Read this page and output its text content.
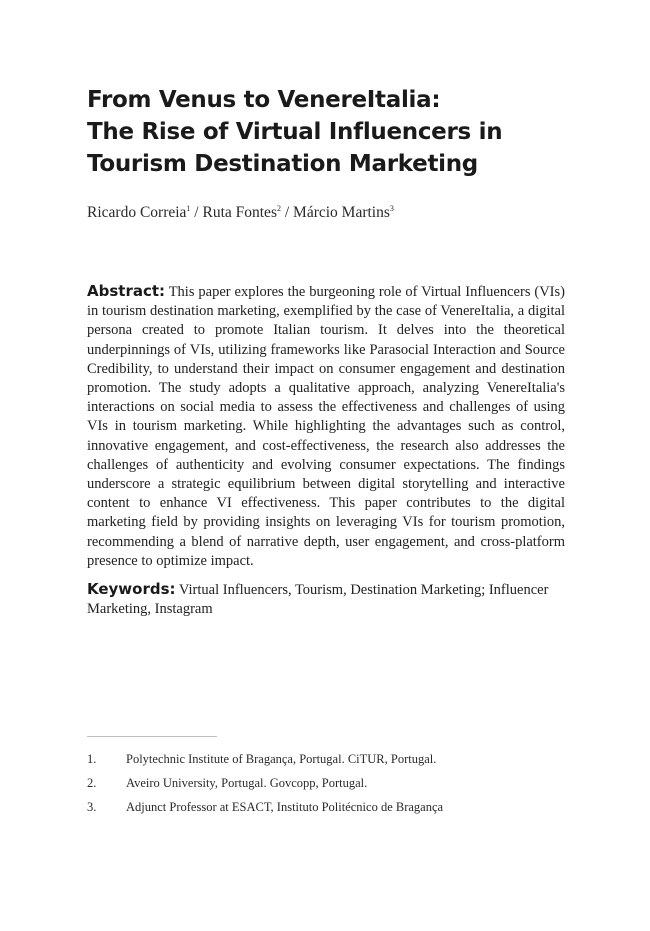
From Venus to VenereItalia:
The Rise of Virtual Influencers in
Tourism Destination Marketing
Ricardo Correia$^1$ / Ruta Fontes$^2$ / Márcio Martins$^3$

Abstract: This paper explores the burgeoning role of Virtual Influencers (VIs) in tourism destination marketing, exemplified by the case of VenereItalia, a digital persona created to promote Italian tourism. It delves into the theoretical underpinnings of VIs, utilizing frameworks like Parasocial Interaction and Source Credibility, to understand their impact on consumer engagement and destination promotion. The study adopts a qualitative approach, analyzing VenereItalia's interactions on social media to assess the effectiveness and challenges of using VIs in tourism marketing. While highlighting the advantages such as control, innovative engagement, and cost-effectiveness, the research also addresses the challenges of authenticity and evolving consumer expectations. The findings underscore a strategic equilibrium between digital storytelling and interactive content to enhance VI effectiveness. This paper contributes to the digital marketing field by providing insights on leveraging VIs for tourism promotion, recommending a blend of narrative depth, user engagement, and cross-platform presence to optimize impact.

Keywords: Virtual Influencers, Tourism, Destination Marketing; Influencer Marketing, Instagram

1.	Polytechnic Institute of Bragança, Portugal. CiTUR, Portugal.
2.	Aveiro University, Portugal. Govcopp, Portugal.
3.	Adjunct Professor at ESACT, Instituto Politécnico de Bragança
